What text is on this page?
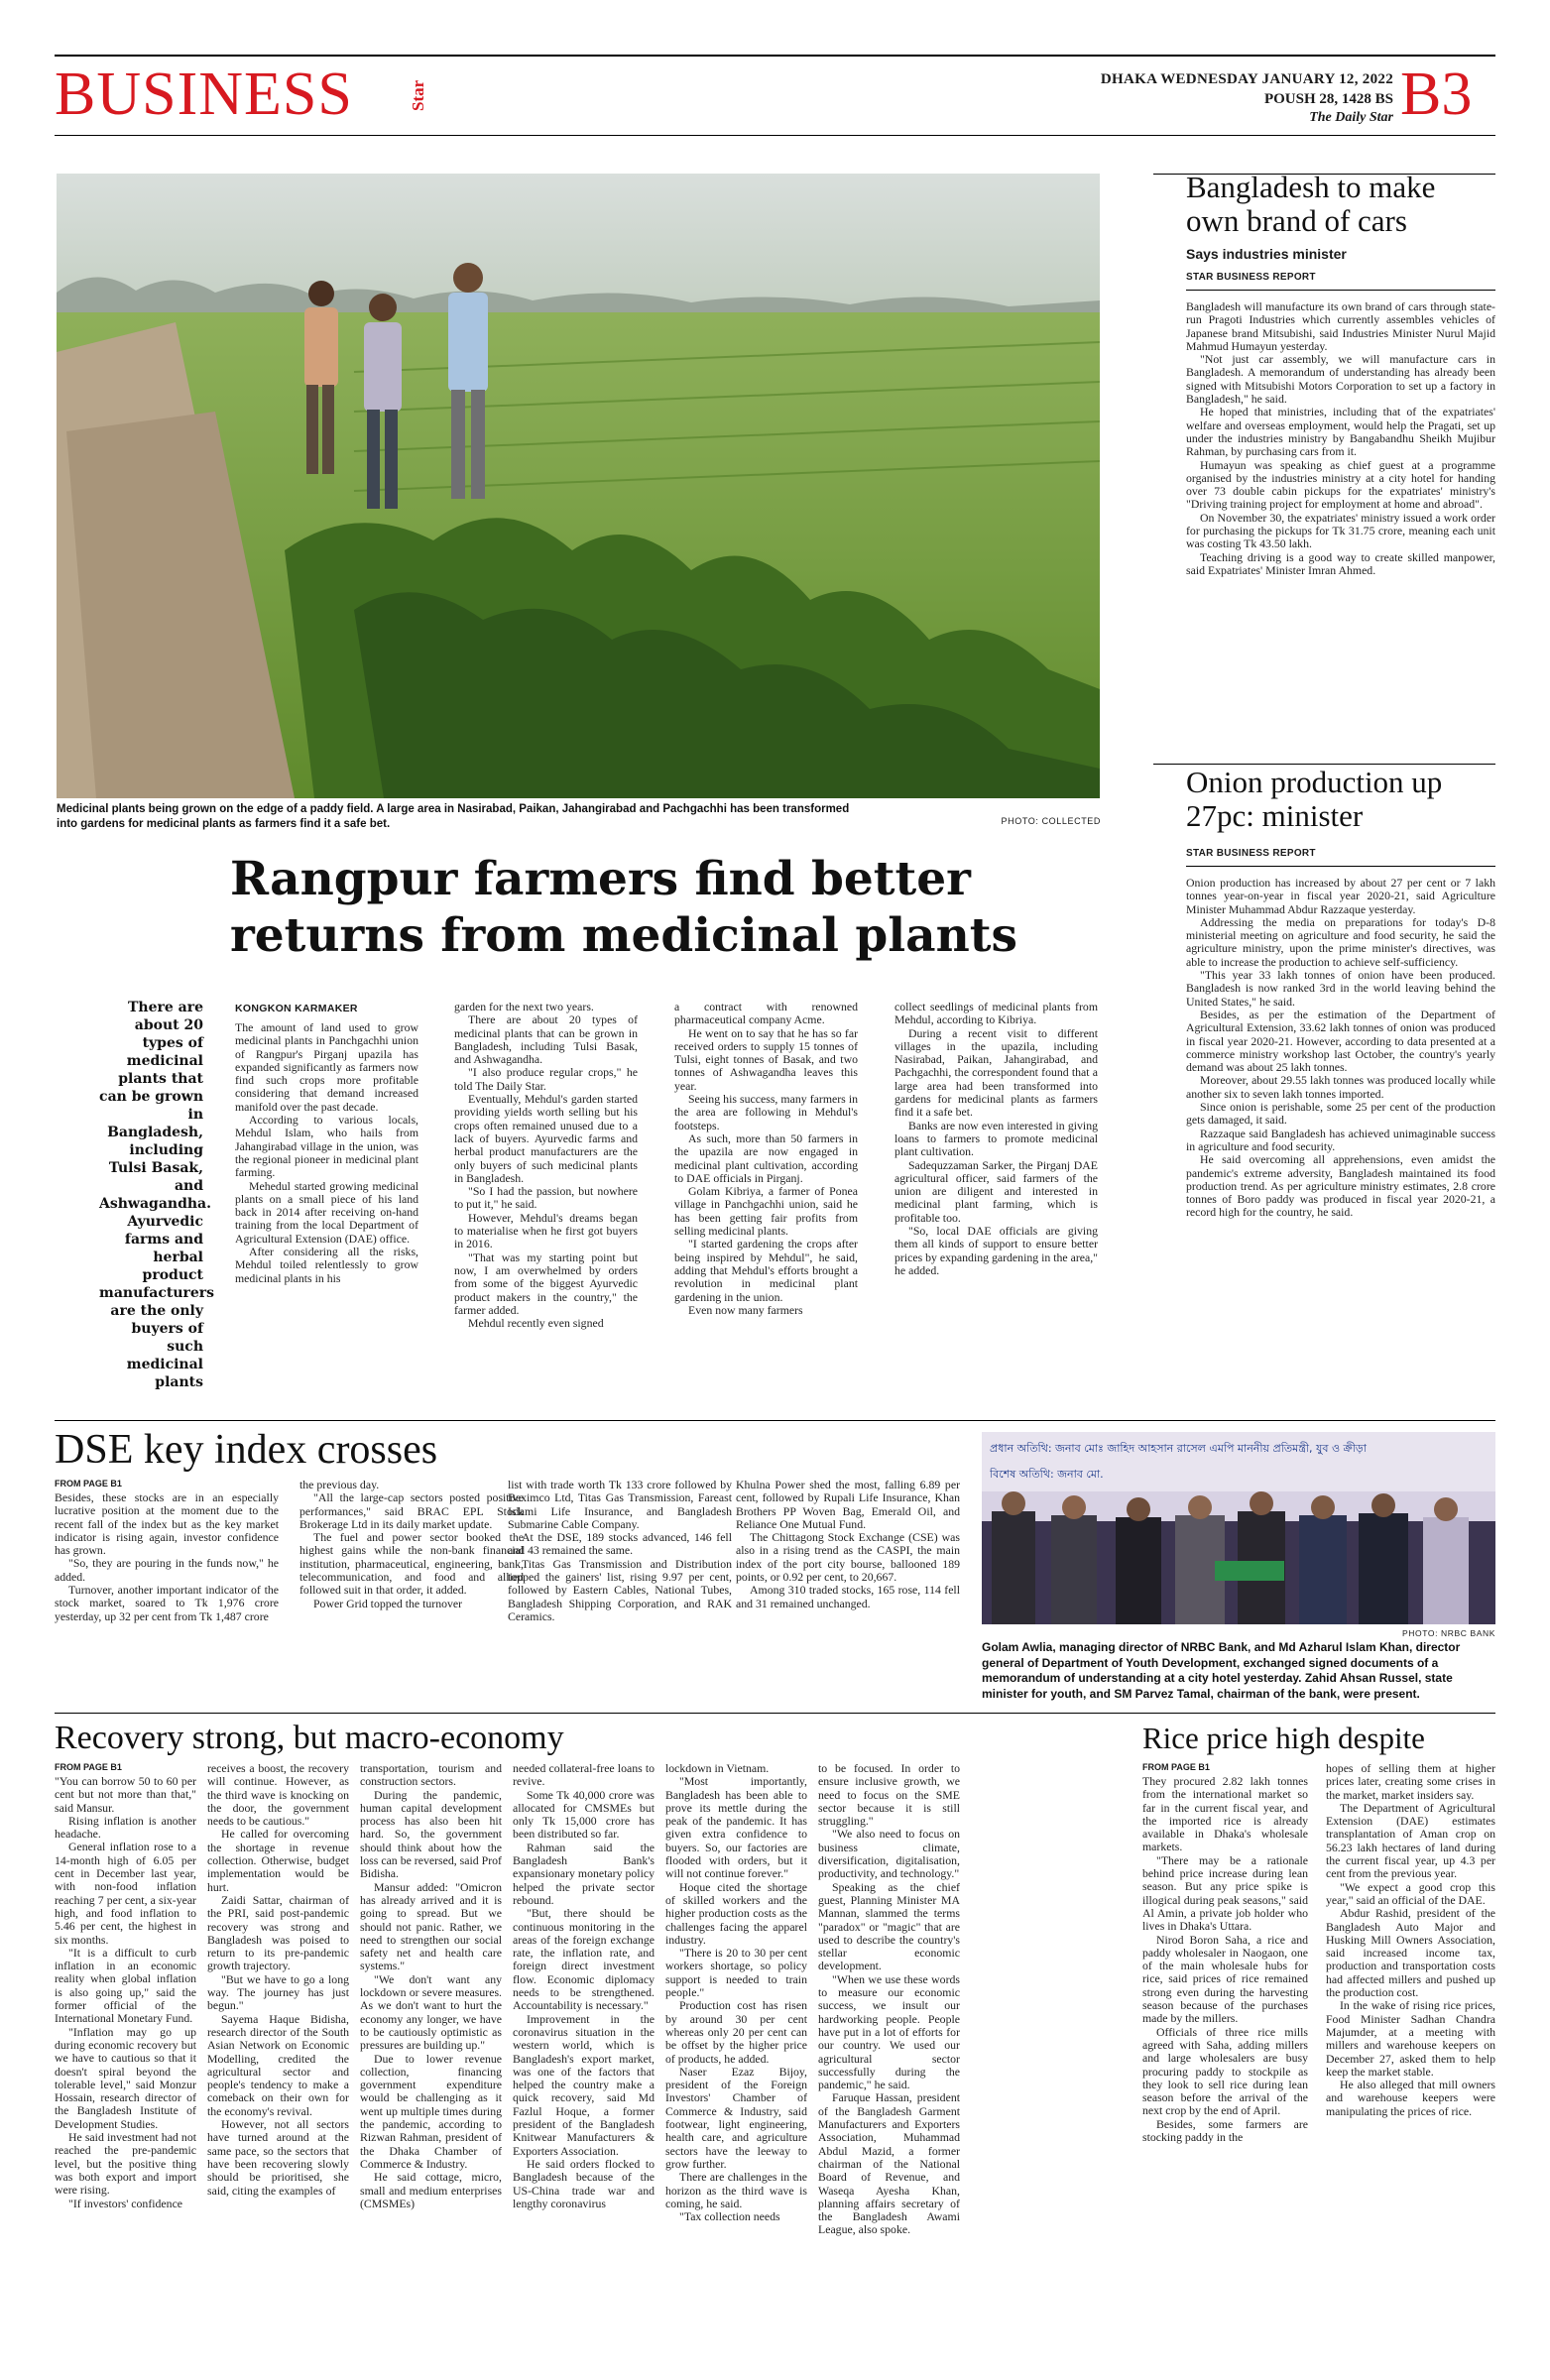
BUSINESS	Star
DHAKA WEDNESDAY JANUARY 12, 2022
POUSH 28, 1428 BS
The Daily Star B3
Medicinal plants being grown on the edge of a paddy field. A large area in Nasirabad, Paikan, Jahangirabad and Pachgachhi has been transformed into gardens for medicinal plants as farmers find it a safe bet.	PHOTO: COLLECTED
Rangpur farmers find better returns from medicinal plants
There are about 20 types of medicinal plants that can be grown in Bangladesh, including Tulsi Basak, and Ashwagandha. Ayurvedic farms and herbal product manufacturers are the only buyers of such medicinal plants
KONGKON KARMAKER

The amount of land used to grow medicinal plants in Panchgachhi union of Rangpur's Pirganj upazila has expanded significantly as farmers now find such crops more profitable considering that demand increased manifold over the past decade.

According to various locals, Mehdul Islam, who hails from Jahangirabad village in the union, was the regional pioneer in medicinal plant farming.

Mehedul started growing medicinal plants on a small piece of his land back in 2014 after receiving on-hand training from the local Department of Agricultural Extension (DAE) office.

After considering all the risks, Mehdul toiled relentlessly to grow medicinal plants in his

garden for the next two years.

There are about 20 types of medicinal plants that can be grown in Bangladesh, including Tulsi Basak, and Ashwagandha.

"I also produce regular crops," he told The Daily Star.

Eventually, Mehdul's garden started providing yields worth selling but his crops often remained unused due to a lack of buyers. Ayurvedic farms and herbal product manufacturers are the only buyers of such medicinal plants in Bangladesh.

"So I had the passion, but nowhere to put it," he said.

However, Mehdul's dreams began to materialise when he first got buyers in 2016.

"That was my starting point but now, I am overwhelmed by orders from some of the biggest Ayurvedic product makers in the country," the farmer added.

Mehdul recently even signed

a contract with renowned pharmaceutical company Acme.

He went on to say that he has so far received orders to supply 15 tonnes of Tulsi, eight tonnes of Basak, and two tonnes of Ashwagandha leaves this year.

Seeing his success, many farmers in the area are following in Mehdul's footsteps.

As such, more than 50 farmers in the upazila are now engaged in medicinal plant cultivation, according to DAE officials in Pirganj.

Golam Kibriya, a farmer of Ponea village in Panchgachhi union, said he has been getting fair profits from selling medicinal plants.

"I started gardening the crops after being inspired by Mehdul", he said, adding that Mehdul's efforts brought a revolution in medicinal plant gardening in the union.

Even now many farmers

collect seedlings of medicinal plants from Mehdul, according to Kibriya.

During a recent visit to different villages in the upazila, including Nasirabad, Paikan, Jahangirabad, and Pachgachhi, the correspondent found that a large area had been transformed into gardens for medicinal plants as farmers find it a safe bet.

Banks are now even interested in giving loans to farmers to promote medicinal plant cultivation.

Sadequzzaman Sarker, the Pirganj DAE agricultural officer, said farmers of the union are diligent and interested in medicinal plant farming, which is profitable too.

"So, local DAE officials are giving them all kinds of support to ensure better prices by expanding gardening in the area," he added.

Bangladesh to make own brand of cars
Says industries minister
STAR BUSINESS REPORT

Bangladesh will manufacture its own brand of cars through state-run Pragoti Industries which currently assembles vehicles of Japanese brand Mitsubishi, said Industries Minister Nurul Majid Mahmud Humayun yesterday.

"Not just car assembly, we will manufacture cars in Bangladesh. A memorandum of understanding has already been signed with Mitsubishi Motors Corporation to set up a factory in Bangladesh," he said.

He hoped that ministries, including that of the expatriates' welfare and overseas employment, would help the Pragati, set up under the industries ministry by Bangabandhu Sheikh Mujibur Rahman, by purchasing cars from it.

Humayun was speaking as chief guest at a programme organised by the industries ministry at a city hotel for handing over 73 double cabin pickups for the expatriates' ministry's "Driving training project for employment at home and abroad".

On November 30, the expatriates' ministry issued a work order for purchasing the pickups for Tk 31.75 crore, meaning each unit was costing Tk 43.50 lakh.

Teaching driving is a good way to create skilled manpower, said Expatriates' Minister Imran Ahmed.

Onion production up 27pc: minister
STAR BUSINESS REPORT

Onion production has increased by about 27 per cent or 7 lakh tonnes year-on-year in fiscal year 2020-21, said Agriculture Minister Muhammad Abdur Razzaque yesterday.

Addressing the media on preparations for today's D-8 ministerial meeting on agriculture and food security, he said the agriculture ministry, upon the prime minister's directives, was able to increase the production to achieve self-sufficiency.

"This year 33 lakh tonnes of onion have been produced. Bangladesh is now ranked 3rd in the world leaving behind the United States," he said.

Besides, as per the estimation of the Department of Agricultural Extension, 33.62 lakh tonnes of onion was produced in fiscal year 2020-21. However, according to data presented at a commerce ministry workshop last October, the country's yearly demand was about 25 lakh tonnes.

Moreover, about 29.55 lakh tonnes was produced locally while another six to seven lakh tonnes imported.

Since onion is perishable, some 25 per cent of the production gets damaged, it said.

Razzaque said Bangladesh has achieved unimaginable success in agriculture and food security.

He said overcoming all apprehensions, even amidst the pandemic's extreme adversity, Bangladesh maintained its food production trend. As per agriculture ministry estimates, 2.8 crore tonnes of Boro paddy was produced in fiscal year 2020-21, a record high for the country, he said.

DSE key index crosses
FROM PAGE B1

Besides, these stocks are in an especially lucrative position at the moment due to the recent fall of the index but as the key market indicator is rising again, investor confidence has grown.

"So, they are pouring in the funds now," he added.

Turnover, another important indicator of the stock market, soared to Tk 1,976 crore yesterday, up 32 per cent from Tk 1,487 crore

the previous day.

"All the large-cap sectors posted positive performances," said BRAC EPL Stock Brokerage Ltd in its daily market update.

The fuel and power sector booked the highest gains while the non-bank financial institution, pharmaceutical, engineering, bank, telecommunication, and food and allied followed suit in that order, it added.

Power Grid topped the turnover

list with trade worth Tk 133 crore followed by Beximco Ltd, Titas Gas Transmission, Fareast Islami Life Insurance, and Bangladesh Submarine Cable Company.

At the DSE, 189 stocks advanced, 146 fell and 43 remained the same.

Titas Gas Transmission and Distribution topped the gainers' list, rising 9.97 per cent, followed by Eastern Cables, National Tubes, Bangladesh Shipping Corporation, and RAK Ceramics.

Khulna Power shed the most, falling 6.89 per cent, followed by Rupali Life Insurance, Khan Brothers PP Woven Bag, Emerald Oil, and Reliance One Mutual Fund.

The Chittagong Stock Exchange (CSE) was also in a rising trend as the CASPI, the main index of the port city bourse, ballooned 189 points, or 0.92 per cent, to 20,667.

Among 310 traded stocks, 165 rose, 114 fell and 31 remained unchanged.

প্রধান অতিথি: জনাব মোঃ জাহিদ আহসান রাসেল এমপি মাননীয় প্রতিমন্ত্রী, যুব ও ক্রীড়া
বিশেষ অতিথি: জনাব মো.
PHOTO: NRBC BANK
Golam Awlia, managing director of NRBC Bank, and Md Azharul Islam Khan, director general of Department of Youth Development, exchanged signed documents of a memorandum of understanding at a city hotel yesterday. Zahid Ahsan Russel, state minister for youth, and SM Parvez Tamal, chairman of the bank, were present.
Recovery strong, but macro-economy
FROM PAGE B1

"You can borrow 50 to 60 per cent but not more than that," said Mansur.

Rising inflation is another headache.

General inflation rose to a 14-month high of 6.05 per cent in December last year, with non-food inflation reaching 7 per cent, a six-year high, and food inflation to 5.46 per cent, the highest in six months.

"It is a difficult to curb inflation in an economic reality when global inflation is also going up," said the former official of the International Monetary Fund.

"Inflation may go up during economic recovery but we have to cautious so that it doesn't spiral beyond the tolerable level," said Monzur Hossain, research director of the Bangladesh Institute of Development Studies.

He said investment had not reached the pre-pandemic level, but the positive thing was both export and import were rising.

"If investors' confidence

receives a boost, the recovery will continue. However, as the third wave is knocking on the door, the government needs to be cautious."

He called for overcoming the shortage in revenue collection. Otherwise, budget implementation would be hurt.

Zaidi Sattar, chairman of the PRI, said post-pandemic recovery was strong and Bangladesh was poised to return to its pre-pandemic growth trajectory.

"But we have to go a long way. The journey has just begun."

Sayema Haque Bidisha, research director of the South Asian Network on Economic Modelling, credited the agricultural sector and people's tendency to make a comeback on their own for the economy's revival.

However, not all sectors have turned around at the same pace, so the sectors that have been recovering slowly should be prioritised, she said, citing the examples of

transportation, tourism and construction sectors.

During the pandemic, human capital development process has also been hit hard. So, the government should think about how the loss can be reversed, said Prof Bidisha.

Mansur added: "Omicron has already arrived and it is going to spread. But we should not panic. Rather, we need to strengthen our social safety net and health care systems."

"We don't want any lockdown or severe measures. As we don't want to hurt the economy any longer, we have to be cautiously optimistic as pressures are building up."

Due to lower revenue collection, financing government expenditure would be challenging as it went up multiple times during the pandemic, according to Rizwan Rahman, president of the Dhaka Chamber of Commerce & Industry.

He said cottage, micro, small and medium enterprises (CMSMEs)

needed collateral-free loans to revive.

Some Tk 40,000 crore was allocated for CMSMEs but only Tk 15,000 crore has been distributed so far.

Rahman said the Bangladesh Bank's expansionary monetary policy helped the private sector rebound.

"But, there should be continuous monitoring in the areas of the foreign exchange rate, the inflation rate, and foreign direct investment flow. Economic diplomacy needs to be strengthened. Accountability is necessary."

Improvement in the coronavirus situation in the western world, which is Bangladesh's export market, was one of the factors that helped the country make a quick recovery, said Md Fazlul Hoque, a former president of the Bangladesh Knitwear Manufacturers & Exporters Association.

He said orders flocked to Bangladesh because of the US-China trade war and lengthy coronavirus

lockdown in Vietnam.

"Most importantly, Bangladesh has been able to prove its mettle during the peak of the pandemic. It has given extra confidence to buyers. So, our factories are flooded with orders, but it will not continue forever."

Hoque cited the shortage of skilled workers and the higher production costs as the challenges facing the apparel industry.

"There is 20 to 30 per cent workers shortage, so policy support is needed to train people."

Production cost has risen by around 30 per cent whereas only 20 per cent can be offset by the higher price of products, he added.

Naser Ezaz Bijoy, president of the Foreign Investors' Chamber of Commerce & Industry, said footwear, light engineering, health care, and agriculture sectors have the leeway to grow further.

There are challenges in the horizon as the third wave is coming, he said.

"Tax collection needs

to be focused. In order to ensure inclusive growth, we need to focus on the SME sector because it is still struggling."

"We also need to focus on business climate, diversification, digitalisation, productivity, and technology."

Speaking as the chief guest, Planning Minister MA Mannan, slammed the terms "paradox" or "magic" that are used to describe the country's stellar economic development.

"When we use these words to measure our economic success, we insult our hardworking people. People have put in a lot of efforts for our country. We used our agricultural sector successfully during the pandemic," he said.

Faruque Hassan, president of the Bangladesh Garment Manufacturers and Exporters Association, Muhammad Abdul Mazid, a former chairman of the National Board of Revenue, and Waseqa Ayesha Khan, planning affairs secretary of the Bangladesh Awami League, also spoke.

Rice price high despite
FROM PAGE B1

They procured 2.82 lakh tonnes from the international market so far in the current fiscal year, and the imported rice is already available in Dhaka's wholesale markets.

"There may be a rationale behind price increase during lean season. But any price spike is illogical during peak seasons," said Al Amin, a private job holder who lives in Dhaka's Uttara.

Nirod Boron Saha, a rice and paddy wholesaler in Naogaon, one of the main wholesale hubs for rice, said prices of rice remained strong even during the harvesting season because of the purchases made by the millers.

Officials of three rice mills agreed with Saha, adding millers and large wholesalers are busy procuring paddy to stockpile as they look to sell rice during lean season before the arrival of the next crop by the end of April.

Besides, some farmers are stocking paddy in the

hopes of selling them at higher prices later, creating some crises in the market, market insiders say.

The Department of Agricultural Extension (DAE) estimates transplantation of Aman crop on 56.23 lakh hectares of land during the current fiscal year, up 4.3 per cent from the previous year.

"We expect a good crop this year," said an official of the DAE.

Abdur Rashid, president of the Bangladesh Auto Major and Husking Mill Owners Association, said increased income tax, production and transportation costs had affected millers and pushed up the production cost.

In the wake of rising rice prices, Food Minister Sadhan Chandra Majumder, at a meeting with millers and warehouse keepers on December 27, asked them to help keep the market stable.

He also alleged that mill owners and warehouse keepers were manipulating the prices of rice.
